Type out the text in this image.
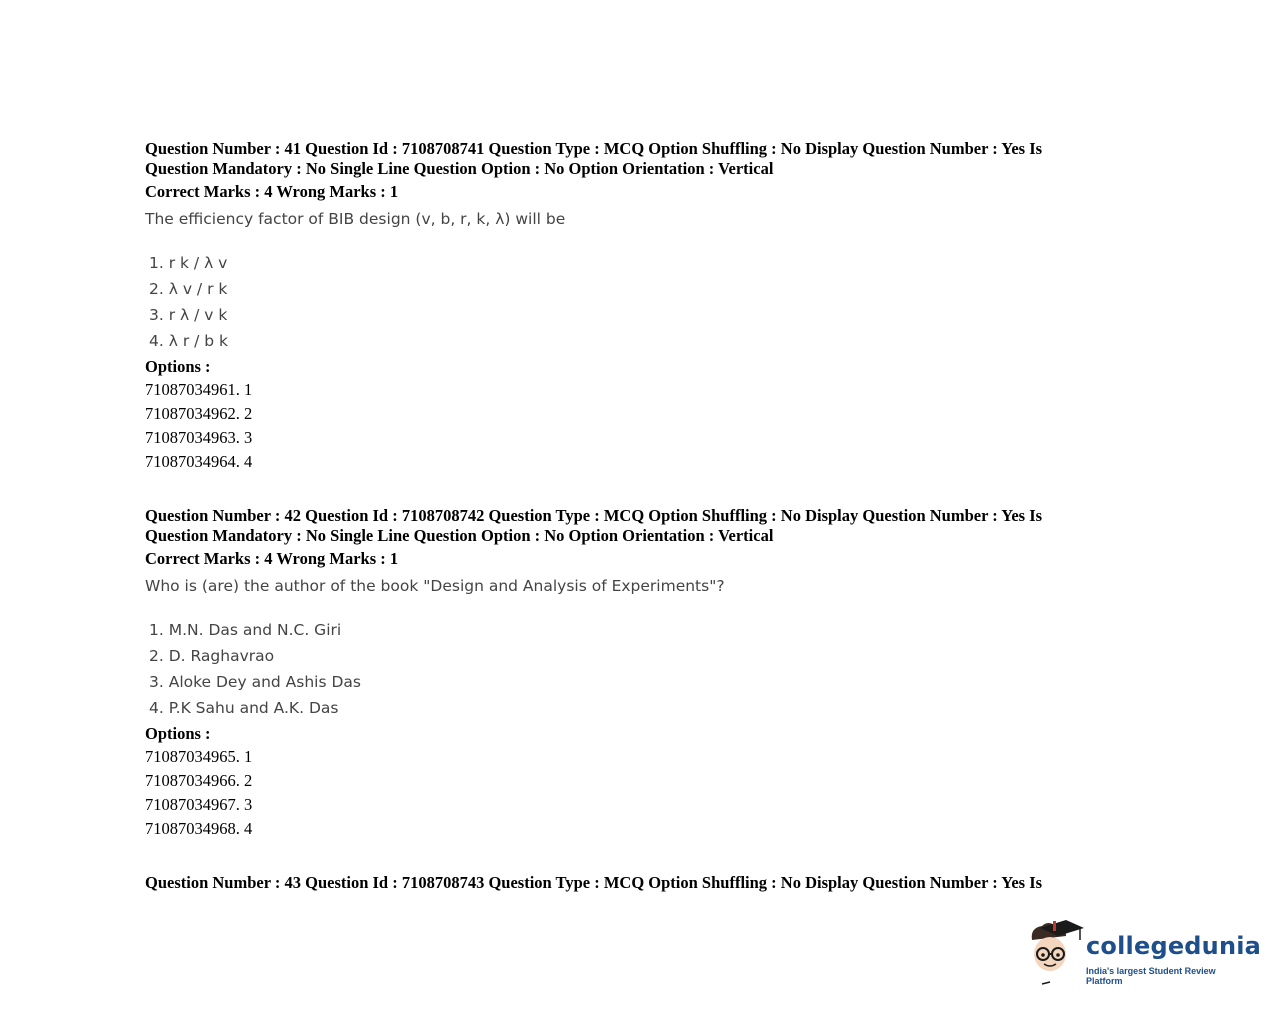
Question Number : 41 Question Id : 7108708741 Question Type : MCQ Option Shuffling : No Display Question Number : Yes Is
Question Mandatory : No Single Line Question Option : No Option Orientation : Vertical

Correct Marks : 4 Wrong Marks : 1
The efficiency factor of BIB design (v, b, r, k, λ) will be
1. r k / λ v
2. λ v / r k
3. r λ / v k
4. λ r / b k
Options :
71087034961. 1
71087034962. 2
71087034963. 3
71087034964. 4

Question Number : 42 Question Id : 7108708742 Question Type : MCQ Option Shuffling : No Display Question Number : Yes Is
Question Mandatory : No Single Line Question Option : No Option Orientation : Vertical

Correct Marks : 4 Wrong Marks : 1
Who is (are) the author of the book "Design and Analysis of Experiments"?
1. M.N. Das and N.C. Giri
2. D. Raghavrao
3. Aloke Dey and Ashis Das
4. P.K Sahu and A.K. Das
Options :
71087034965. 1
71087034966. 2
71087034967. 3
71087034968. 4

Question Number : 43 Question Id : 7108708743 Question Type : MCQ Option Shuffling : No Display Question Number : Yes Is

collegedunia
India's largest Student Review Platform
